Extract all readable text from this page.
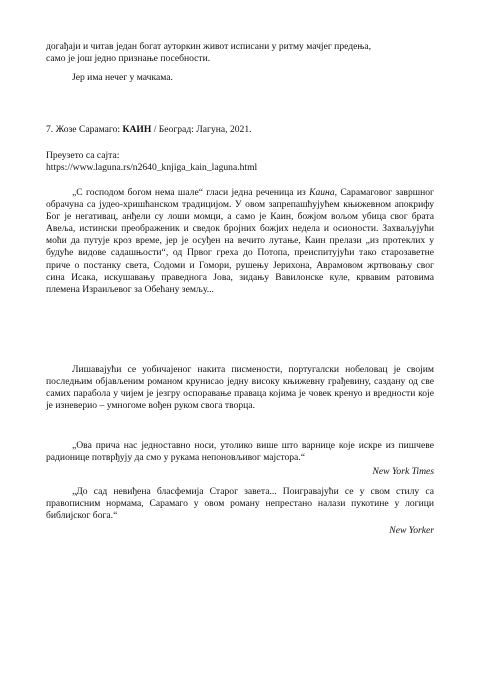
догађаји и читав један богат ауторкин живот исписани у ритму мачјег предења,

само је још једно признање посебности.

Јер има нечег у мачкама.

7. Жозе Сарамаго: КАИН / Београд: Лагуна, 2021.

Преузето са сајта:

https://www.laguna.rs/n2640_knjiga_kain_laguna.html

„С господом богом нема шале“ гласи једна реченица из Каина, Сарамаговог завршног обрачуна са јудео-хришћанском традицијом. У овом запрепашћујућем књижевном апокрифу Бог је негативац, анђели су лоши момци, а само је Каин, божјом вољом убица свог брата Авеља, истински преображеник и сведок бројних божјих недела и осионости. Захваљујући моћи да путује кроз време, јер је осуђен на вечито лутање, Каин прелази „из протеклих у будуће видове садашњости“, од Првог греха до Потопа, преиспитујући тако старозаветне приче о постанку света, Содоми и Гомори, рушењу Јерихона, Аврамовом жртвовању свог сина Исака, искушавању праведнога Јова, зидању Вавилонске куле, крвавим ратовима племена Израиљевог за Обећану земљу...

Лишавајући се уобичајеног накита писмености, португалски нобеловац је својим последњим објављеним романом крунисао једну високу књижевну грађевину, саздану од све самих парабола у чијем је језгру оспоравање праваца којима је човек кренуо и вредности које је изневерио – умногоме вођен руком свога творца.

„Ова прича нас једноставно носи, утолико више што варнице које искре из пишчеве радионице потврђују да смо у рукама непоновљивог мајстора.“

New York Times

„До сад невиђена бласфемија Старог завета... Поигравајући се у свом стилу са правописним нормама, Сарамаго у овом роману непрестано налази пукотине у логици библијског бога.“

New Yorker
